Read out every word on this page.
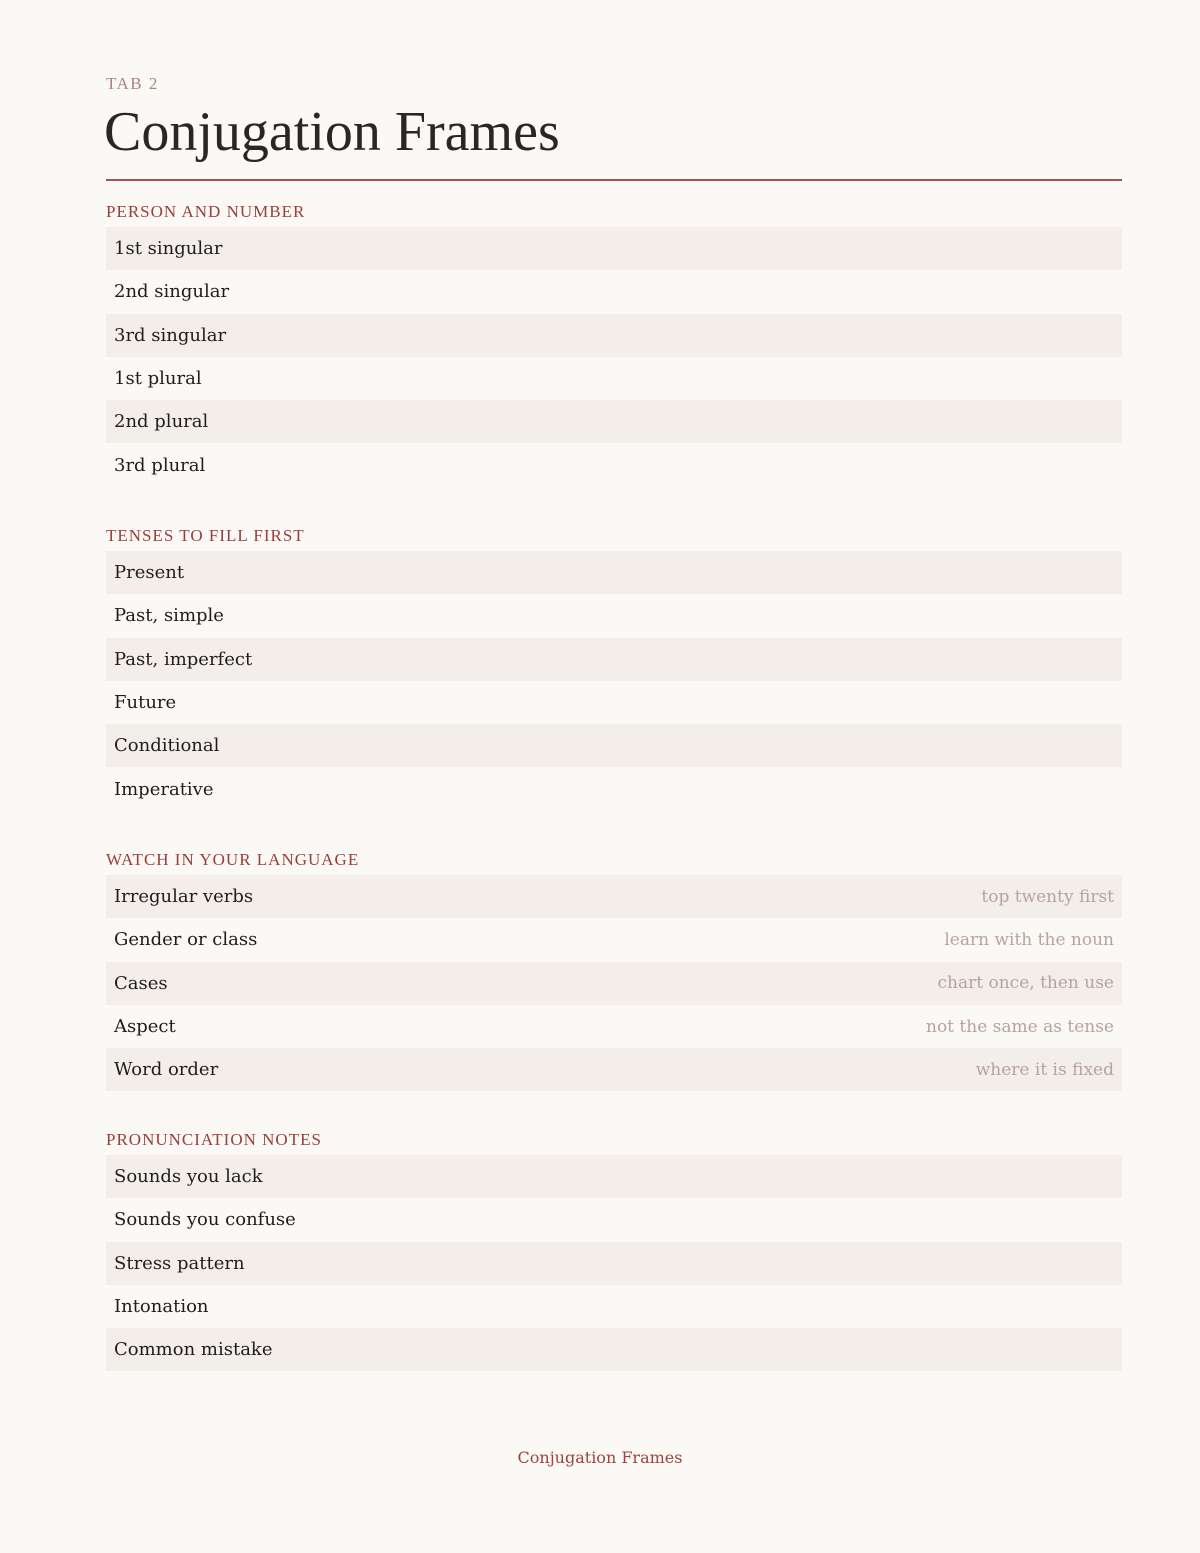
TAB 2
Conjugation Frames
PERSON AND NUMBER
1st singular
2nd singular
3rd singular
1st plural
2nd plural
3rd plural
TENSES TO FILL FIRST
Present
Past, simple
Past, imperfect
Future
Conditional
Imperative
WATCH IN YOUR LANGUAGE
Irregular verbs	top twenty first
Gender or class	learn with the noun
Cases	chart once, then use
Aspect	not the same as tense
Word order	where it is fixed
PRONUNCIATION NOTES
Sounds you lack
Sounds you confuse
Stress pattern
Intonation
Common mistake
Conjugation Frames
